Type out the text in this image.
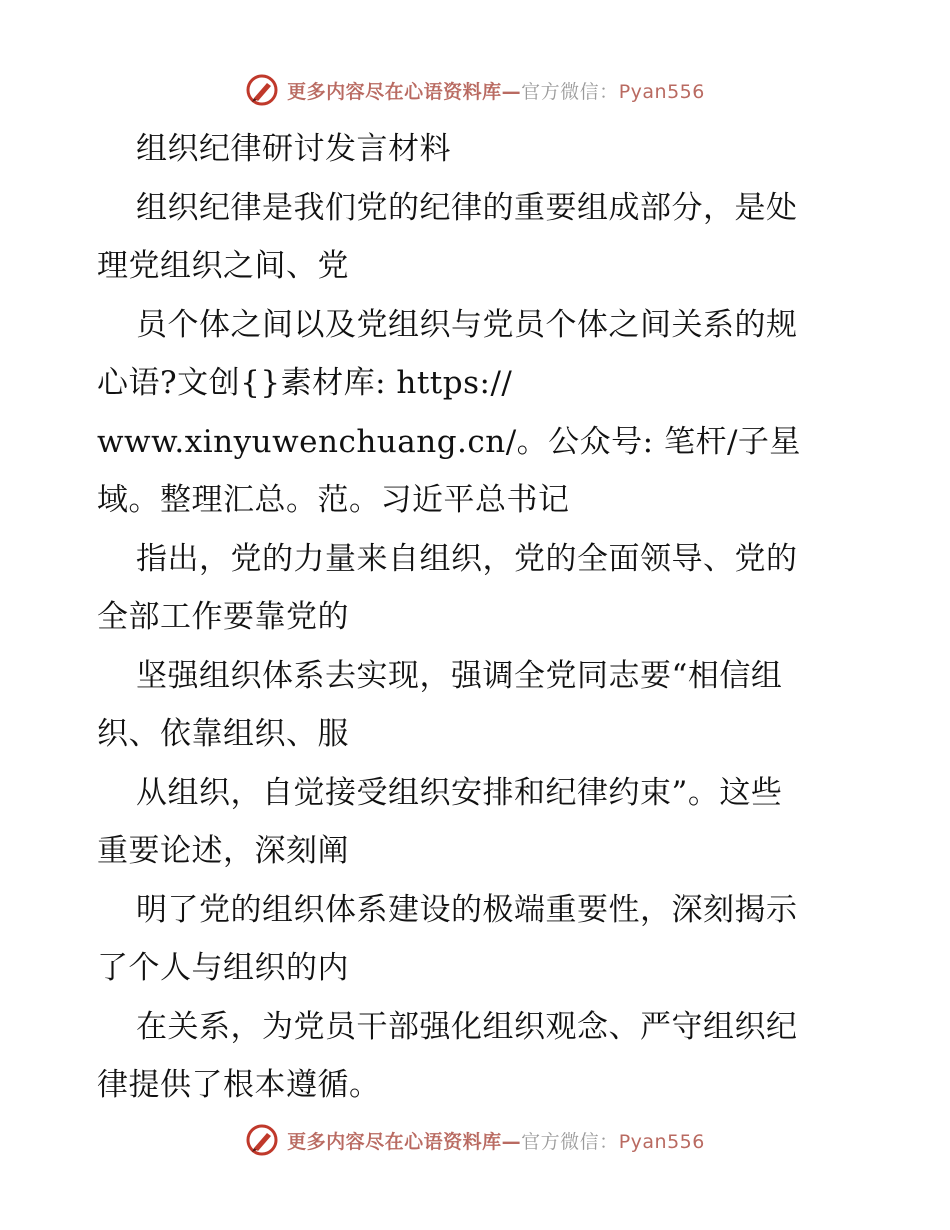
更多内容尽在心语资料库—官方微信：Pyan556
组织纪律研讨发言材料
组织纪律是我们党的纪律的重要组成部分，是处
理党组织之间、党
员个体之间以及党组织与党员个体之间关系的规
心语?文创{}素材库: https://
www.xinyuwenchuang.cn/。公众号: 笔杆/子星
域。整理汇总。范。习近平总书记
指出，党的力量来自组织，党的全面领导、党的
全部工作要靠党的
坚强组织体系去实现，强调全党同志要“相信组
织、依靠组织、服
从组织，自觉接受组织安排和纪律约束”。这些
重要论述，深刻阐
明了党的组织体系建设的极端重要性，深刻揭示
了个人与组织的内
在关系，为党员干部强化组织观念、严守组织纪
律提供了根本遵循。
更多内容尽在心语资料库—官方微信：Pyan556
